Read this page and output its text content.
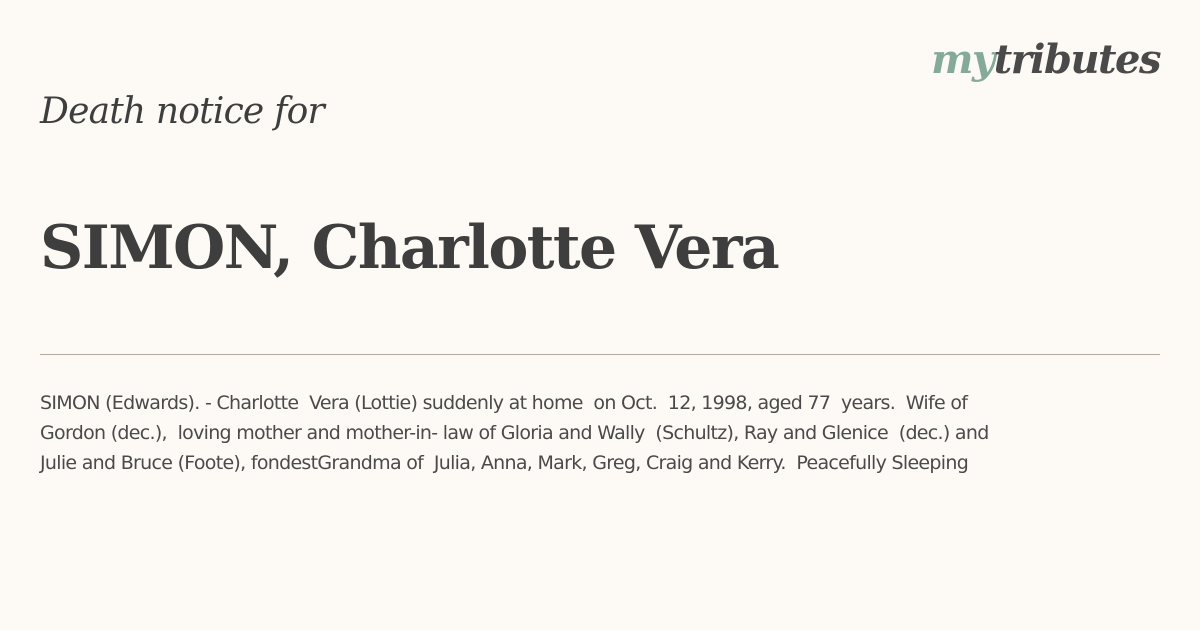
mytributes
Death notice for
SIMON, Charlotte Vera
SIMON (Edwards). - Charlotte  Vera (Lottie) suddenly at home  on Oct.  12, 1998, aged 77  years.  Wife of
Gordon (dec.),  loving mother and mother-in- law of Gloria and Wally  (Schultz), Ray and Glenice  (dec.) and
Julie and Bruce (Foote), fondestGrandma of  Julia, Anna, Mark, Greg, Craig and Kerry.  Peacefully Sleeping
